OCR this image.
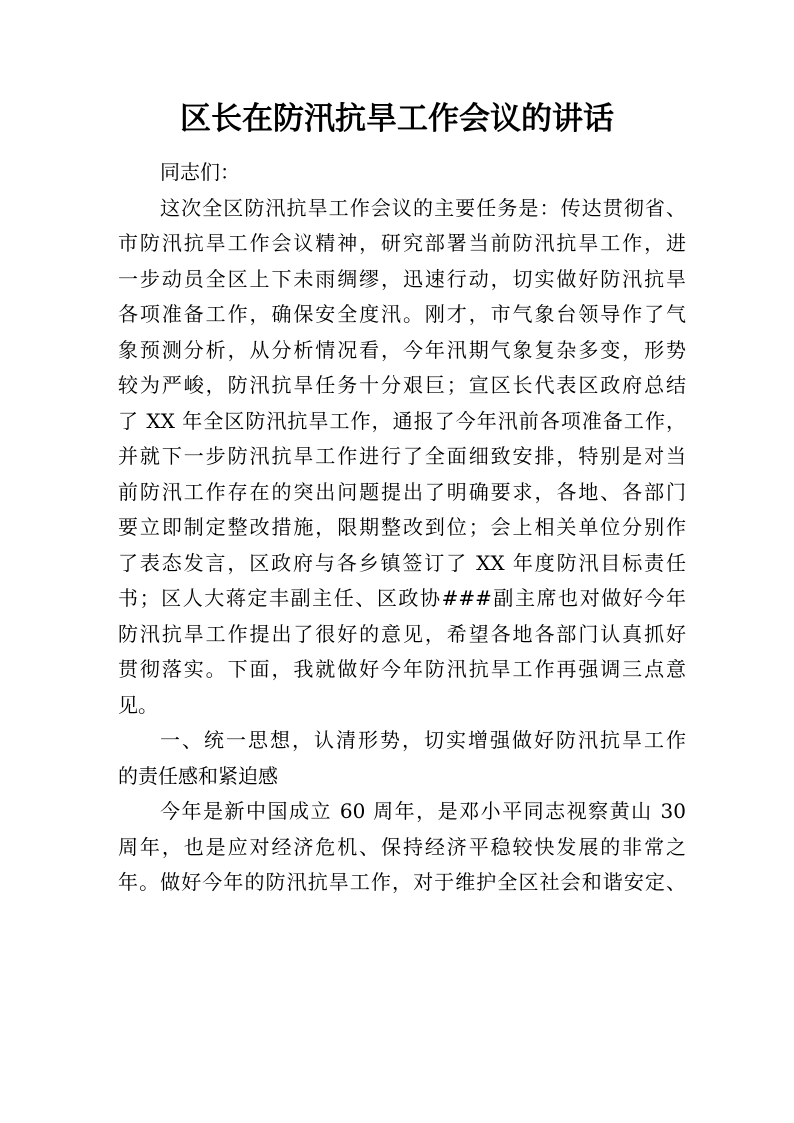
区长在防汛抗旱工作会议的讲话
同志们：
这次全区防汛抗旱工作会议的主要任务是：传达贯彻省、
市防汛抗旱工作会议精神，研究部署当前防汛抗旱工作，进
一步动员全区上下未雨绸缪，迅速行动，切实做好防汛抗旱
各项准备工作，确保安全度汛。刚才，市气象台领导作了气
象预测分析，从分析情况看，今年汛期气象复杂多变，形势
较为严峻，防汛抗旱任务十分艰巨；宣区长代表区政府总结
了 XX 年全区防汛抗旱工作，通报了今年汛前各项准备工作，
并就下一步防汛抗旱工作进行了全面细致安排，特别是对当
前防汛工作存在的突出问题提出了明确要求，各地、各部门
要立即制定整改措施，限期整改到位；会上相关单位分别作
了表态发言，区政府与各乡镇签订了 XX 年度防汛目标责任
书；区人大蒋定丰副主任、区政协###副主席也对做好今年
防汛抗旱工作提出了很好的意见，希望各地各部门认真抓好
贯彻落实。下面，我就做好今年防汛抗旱工作再强调三点意
见。
一、统一思想，认清形势，切实增强做好防汛抗旱工作
的责任感和紧迫感
今年是新中国成立 60 周年，是邓小平同志视察黄山 30
周年，也是应对经济危机、保持经济平稳较快发展的非常之
年。做好今年的防汛抗旱工作，对于维护全区社会和谐安定、
